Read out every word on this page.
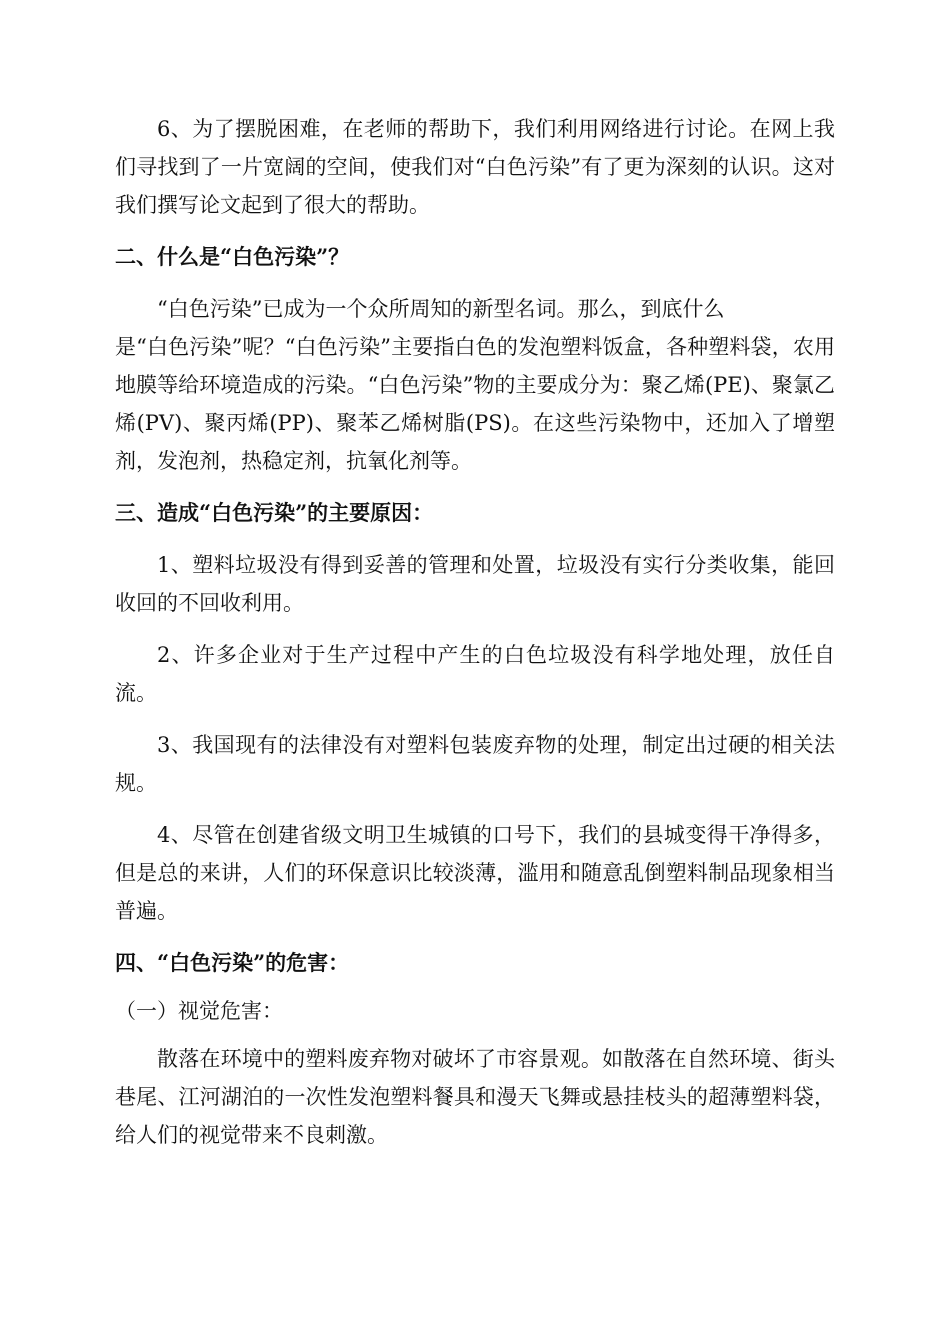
6、为了摆脱困难，在老师的帮助下，我们利用网络进行讨论。在网上我们寻找到了一片宽阔的空间，使我们对“白色污染”有了更为深刻的认识。这对我们撰写论文起到了很大的帮助。

二、什么是“白色污染”？

“白色污染”已成为一个众所周知的新型名词。那么，到底什么

是“白色污染”呢？“白色污染”主要指白色的发泡塑料饭盒，各种塑料袋，农用地膜等给环境造成的污染。“白色污染”物的主要成分为：聚乙烯(PE)、聚氯乙烯(PV)、聚丙烯(PP)、聚苯乙烯树脂(PS)。在这些污染物中，还加入了增塑剂，发泡剂，热稳定剂，抗氧化剂等。

三、造成“白色污染”的主要原因：

1、塑料垃圾没有得到妥善的管理和处置，垃圾没有实行分类收集，能回收回的不回收利用。

2、许多企业对于生产过程中产生的白色垃圾没有科学地处理，放任自流。

3、我国现有的法律没有对塑料包装废弃物的处理，制定出过硬的相关法规。

4、尽管在创建省级文明卫生城镇的口号下，我们的县城变得干净得多，但是总的来讲，人们的环保意识比较淡薄，滥用和随意乱倒塑料制品现象相当普遍。

四、“白色污染”的危害：

（一）视觉危害：

散落在环境中的塑料废弃物对破坏了市容景观。如散落在自然环境、街头巷尾、江河湖泊的一次性发泡塑料餐具和漫天飞舞或悬挂枝头的超薄塑料袋，给人们的视觉带来不良刺激。
